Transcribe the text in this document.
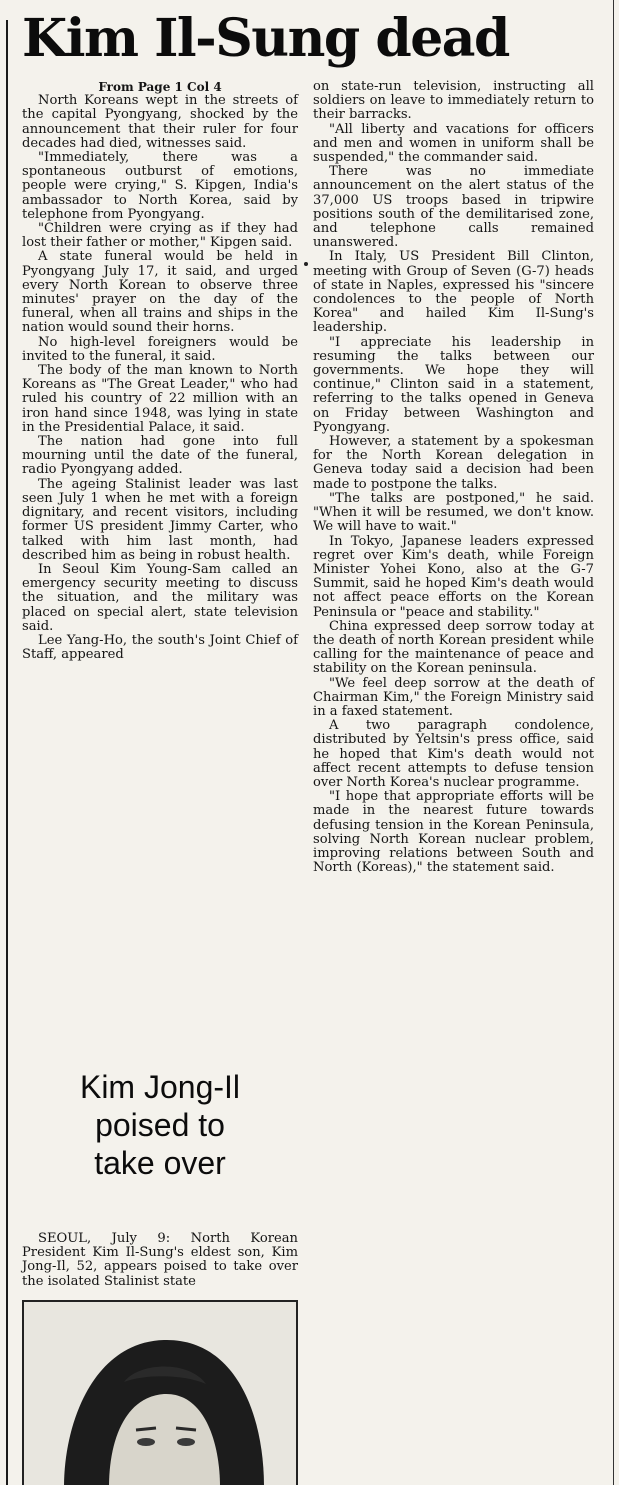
Kim Il-Sung dead

From Page 1 Col 4

North Koreans wept in the streets of the capital Pyongyang, shocked by the announcement that their ruler for four decades had died, witnesses said.

"Immediately, there was a spontaneous outburst of emotions, people were crying," S. Kipgen, India's ambassador to North Korea, said by telephone from Pyongyang.

"Children were crying as if they had lost their father or mother," Kipgen said.

A state funeral would be held in Pyongyang July 17, it said, and urged every North Korean to observe three minutes' prayer on the day of the funeral, when all trains and ships in the nation would sound their horns.

No high-level foreigners would be invited to the funeral, it said.

The body of the man known to North Koreans as "The Great Leader," who had ruled his country of 22 million with an iron hand since 1948, was lying in state in the Presidential Palace, it said.

The nation had gone into full mourning until the date of the funeral, radio Pyongyang added.

The ageing Stalinist leader was last seen July 1 when he met with a foreign dignitary, and recent visitors, including former US president Jimmy Carter, who talked with him last month, had described him as being in robust health.

In Seoul Kim Young-Sam called an emergency security meeting to discuss the situation, and the military was placed on special alert, state television said.

Lee Yang-Ho, the south's Joint Chief of Staff, appeared

on state-run television, instructing all soldiers on leave to immediately return to their barracks.

"All liberty and vacations for officers and men and women in uniform shall be suspended," the commander said.

There was no immediate announcement on the alert status of the 37,000 US troops based in tripwire positions south of the demilitarised zone, and telephone calls remained unanswered.

In Italy, US President Bill Clinton, meeting with Group of Seven (G-7) heads of state in Naples, expressed his "sincere condolences to the people of North Korea" and hailed Kim Il-Sung's leadership.

"I appreciate his leadership in resuming the talks between our governments. We hope they will continue," Clinton said in a statement, referring to the talks opened in Geneva on Friday between Washington and Pyongyang.

However, a statement by a spokesman for the North Korean delegation in Geneva today said a decision had been made to postpone the talks.

"The talks are postponed," he said. "When it will be resumed, we don't know. We will have to wait."

In Tokyo, Japanese leaders expressed regret over Kim's death, while Foreign Minister Yohei Kono, also at the G-7 Summit, said he hoped Kim's death would not affect peace efforts on the Korean Peninsula or "peace and stability."

China expressed deep sorrow today at the death of north Korean president while calling for the maintenance of peace and stability on the Korean peninsula.

"We feel deep sorrow at the death of Chairman Kim," the Foreign Ministry said in a faxed statement.

A two paragraph condolence, distributed by Yeltsin's press office, said he hoped that Kim's death would not affect recent attempts to defuse tension over North Korea's nuclear programme.

"I hope that appropriate efforts will be made in the nearest future towards defusing tension in the Korean Peninsula, solving North Korean nuclear problem, improving relations between South and North (Koreas)," the statement said.

Kim Jong-Il
poised to
take over

SEOUL, July 9: North Korean President Kim Il-Sung's eldest son, Kim Jong-Il, 52, appears poised to take over the isolated Stalinist state
